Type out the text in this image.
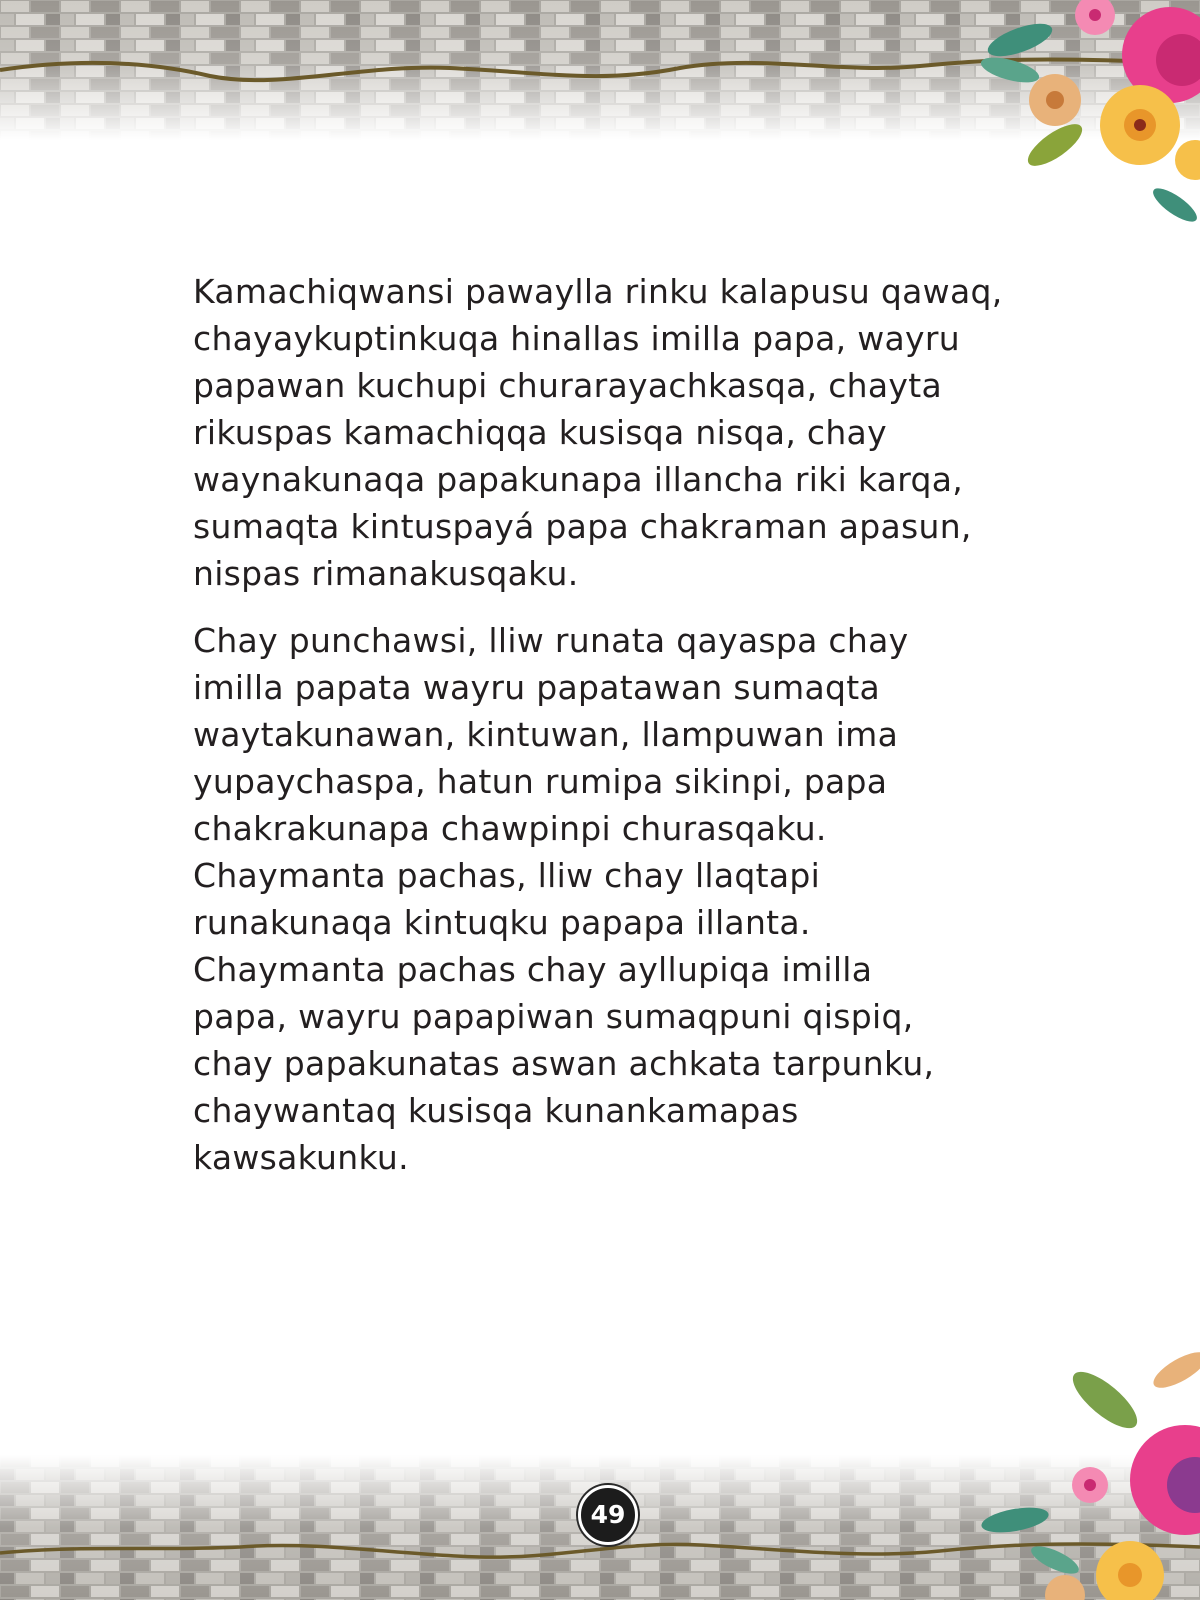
Kamachiqwansi pawaylla rinku kalapusu qawaq,
chayaykuptinkuqa hinallas imilla papa, wayru
papawan kuchupi churarayachkasqa, chayta
rikuspas kamachiqqa kusisqa nisqa, chay
waynakunaqa papakunapa illancha riki karqa,
sumaqta kintuspayá papa chakraman apasun,
nispas rimanakusqaku.

Chay punchawsi, lliw runata qayaspa chay
imilla papata wayru papatawan sumaqta
waytakunawan, kintuwan, llampuwan ima
yupaychaspa, hatun rumipa sikinpi, papa
chakrakunapa chawpinpi churasqaku.
Chaymanta pachas, lliw chay llaqtapi
runakunaqa kintuqku papapa illanta.
Chaymanta pachas chay ayllupiqa imilla
papa, wayru papapiwan sumaqpuni qispiq,
chay papakunatas aswan achkata tarpunku,
chaywantaq kusisqa kunankamapas
kawsakunku.

49
